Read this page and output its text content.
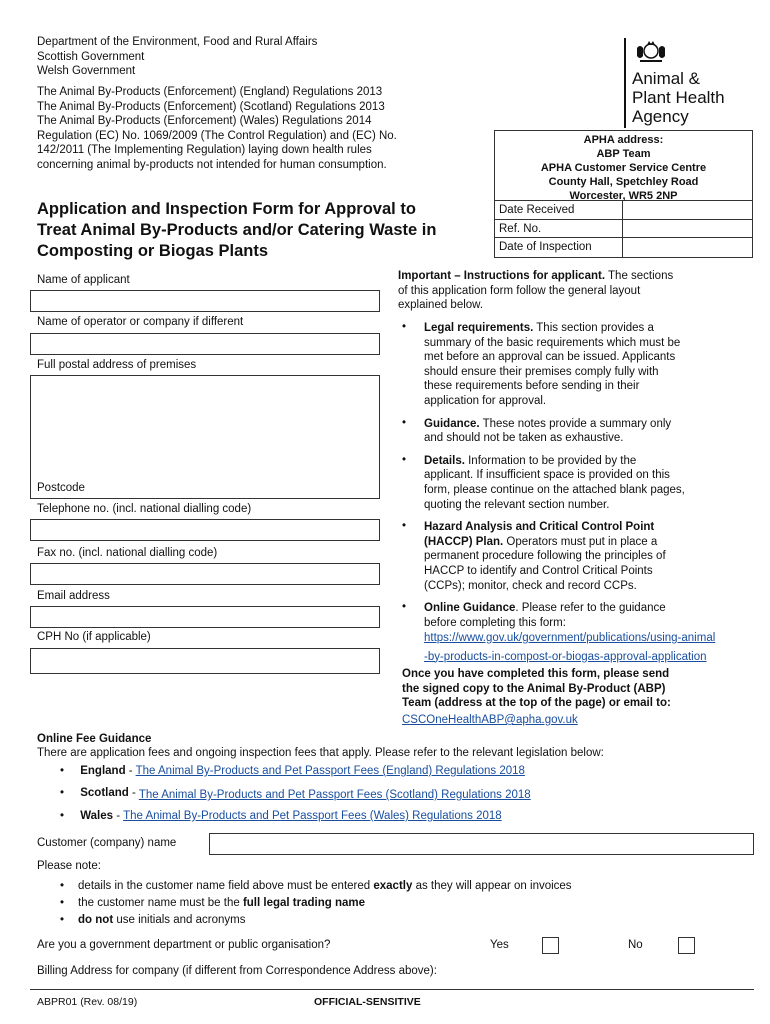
Department of the Environment, Food and Rural Affairs
Scottish Government
Welsh Government
The Animal By-Products (Enforcement) (England) Regulations 2013
The Animal By-Products (Enforcement) (Scotland) Regulations 2013
The Animal By-Products (Enforcement) (Wales) Regulations 2014
Regulation (EC) No. 1069/2009 (The Control Regulation) and (EC) No.
142/2011 (The Implementing Regulation) laying down health rules
concerning animal by-products not intended for human consumption.
Animal &
Plant Health
Agency
APHA address:
ABP Team
APHA Customer Service Centre
County Hall, Spetchley Road
Worcester, WR5 2NP
Date Received
Ref. No.
Date of Inspection
Application and Inspection Form for Approval to
Treat Animal By-Products and/or Catering Waste in
Composting or Biogas Plants
Name of applicant
Name of operator or company if different
Full postal address of premises
Postcode
Telephone no. (incl. national dialling code)
Fax no. (incl. national dialling code)
Email address
CPH No (if applicable)
Important – Instructions for applicant. The sections
of this application form follow the general layout
explained below.
• Legal requirements. This section provides a
summary of the basic requirements which must be
met before an approval can be issued. Applicants
should ensure their premises comply fully with
these requirements before sending in their
application for approval.
• Guidance. These notes provide a summary only
and should not be taken as exhaustive.
• Details. Information to be provided by the
applicant. If insufficient space is provided on this
form, please continue on the attached blank pages,
quoting the relevant section number.
• Hazard Analysis and Critical Control Point
(HACCP) Plan. Operators must put in place a
permanent procedure following the principles of
HACCP to identify and Control Critical Points
(CCPs); monitor, check and record CCPs.
• Online Guidance. Please refer to the guidance
before completing this form:
https://www.gov.uk/government/publications/using-animal
-by-products-in-compost-or-biogas-approval-application
Once you have completed this form, please send
the signed copy to the Animal By-Product (ABP)
Team (address at the top of the page) or email to:
CSCOneHealthABP@apha.gov.uk
Online Fee Guidance
There are application fees and ongoing inspection fees that apply. Please refer to the relevant legislation below:
• England - The Animal By-Products and Pet Passport Fees (England) Regulations 2018
• Scotland - The Animal By-Products and Pet Passport Fees (Scotland) Regulations 2018
• Wales - The Animal By-Products and Pet Passport Fees (Wales) Regulations 2018
Customer (company) name
Please note:
• details in the customer name field above must be entered exactly as they will appear on invoices
• the customer name must be the full legal trading name
• do not use initials and acronyms
Are you a government department or public organisation?	Yes	No
Billing Address for company (if different from Correspondence Address above):
ABPR01 (Rev. 08/19)	OFFICIAL-SENSITIVE
